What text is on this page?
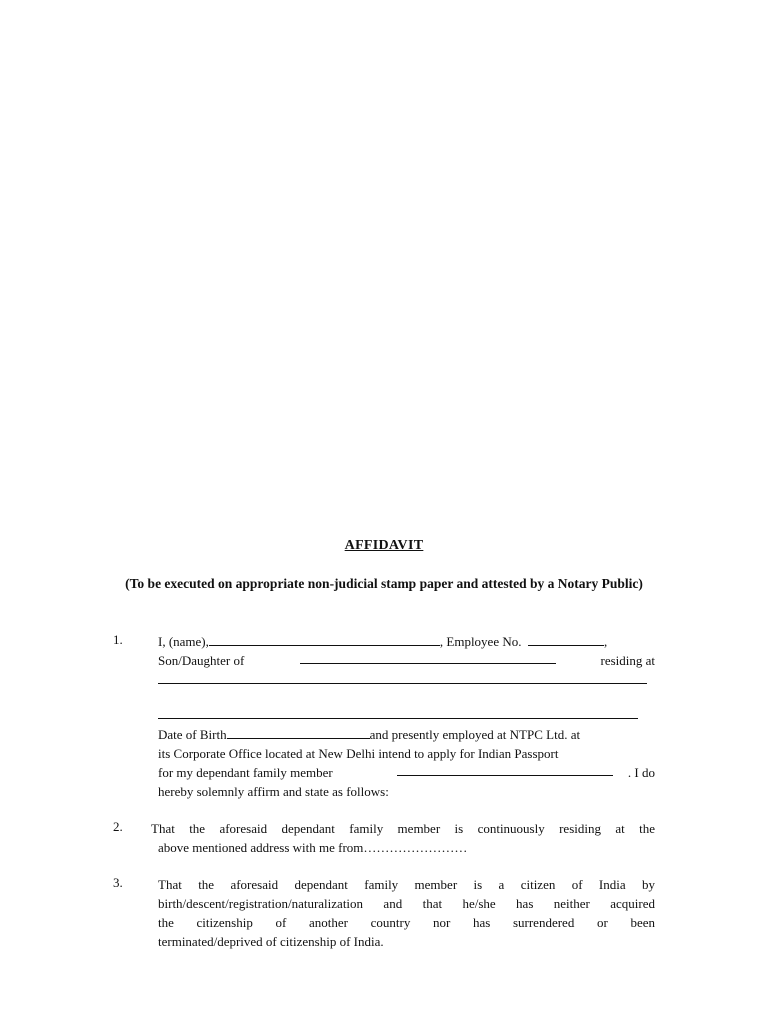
AFFIDAVIT
(To be executed on appropriate non-judicial stamp paper and attested by a Notary Public)
1.	I, (name),	, Employee No.	,
Son/Daughter of	residing at
Date of Birth	and presently employed at NTPC Ltd. at
its Corporate Office located at New Delhi intend to apply for Indian Passport
for my dependant family member	. I do
hereby solemnly affirm and state as follows:
2. That the aforesaid dependant family member is continuously residing at the
above mentioned address with me from……………………
3.	That the aforesaid dependant family member is a citizen of India by
birth/descent/registration/naturalization and that he/she has neither acquired
the citizenship of another country nor has surrendered or been
terminated/deprived of citizenship of India.
